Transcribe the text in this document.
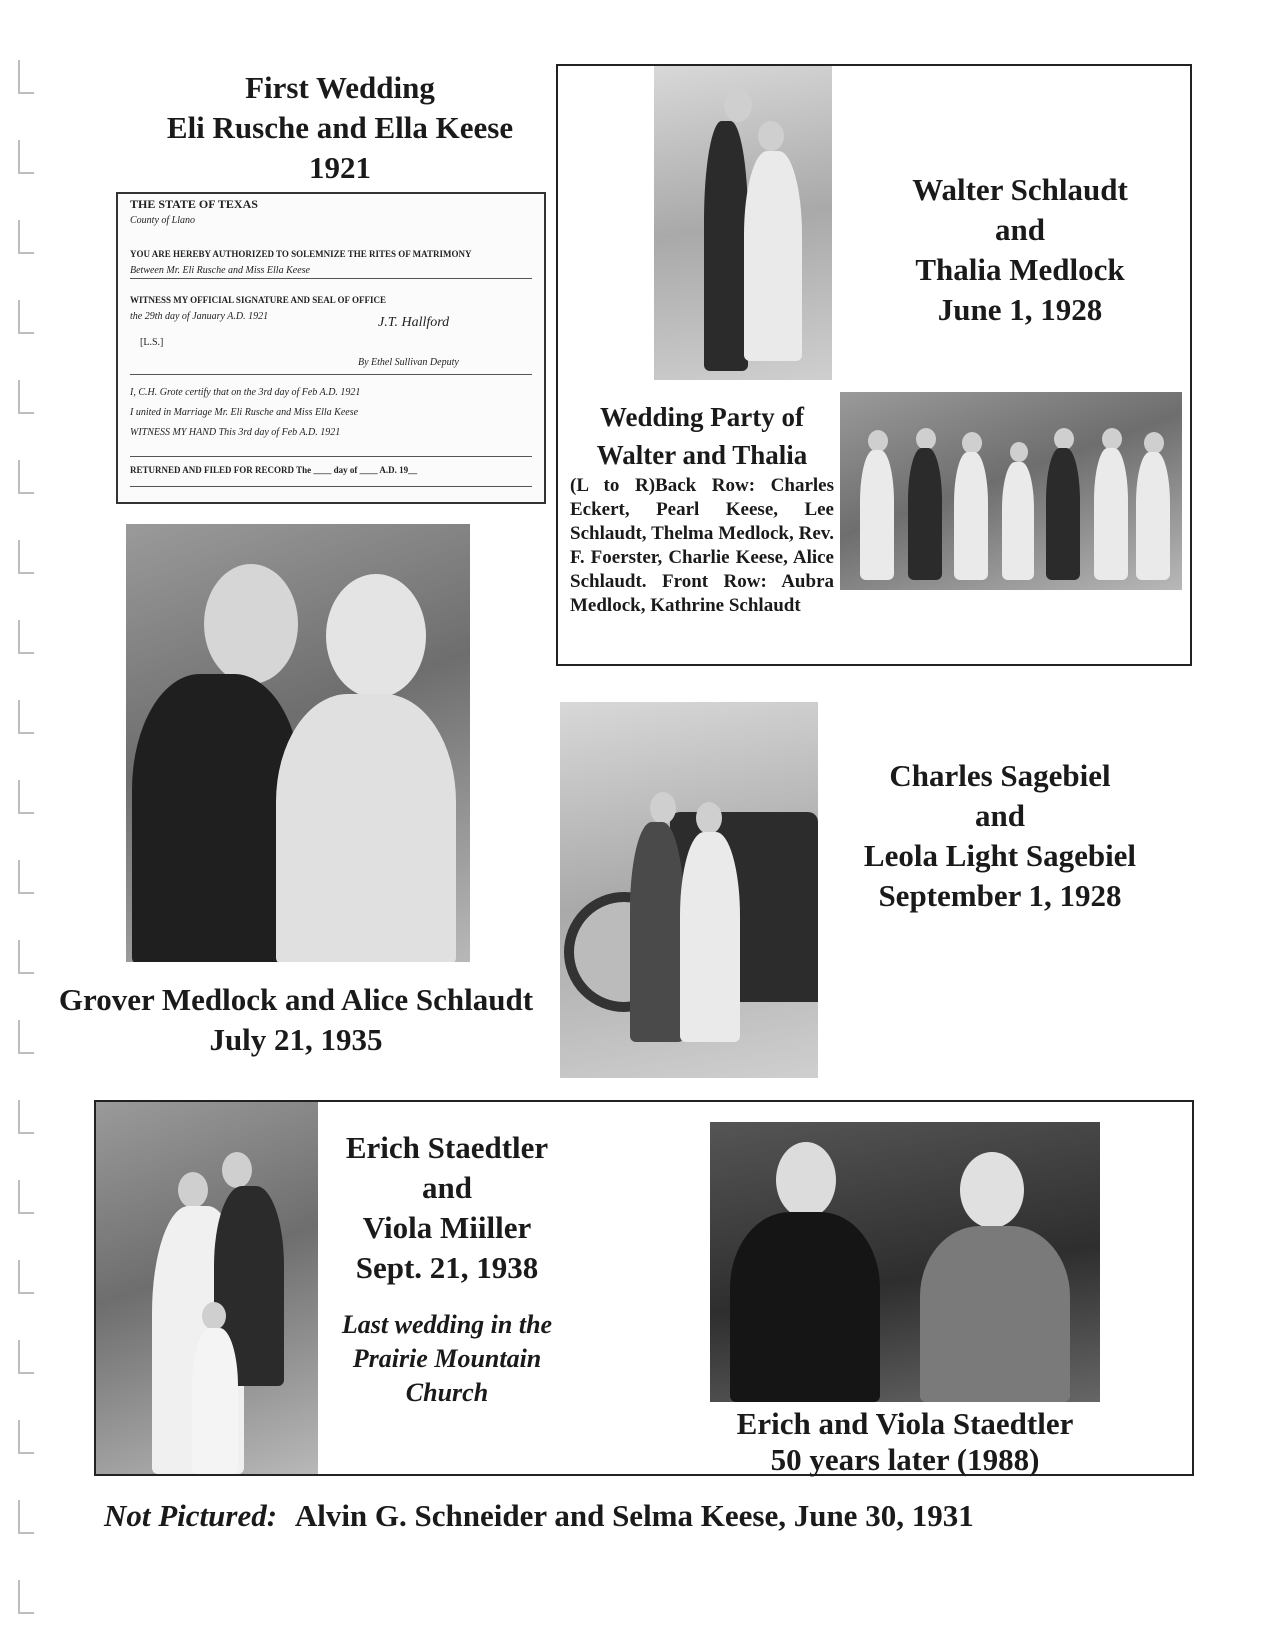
First Wedding

Eli Rusche and Ella Keese

1921

THE STATE OF TEXAS
County of Llano
YOU ARE HEREBY AUTHORIZED TO SOLEMNIZE THE RITES OF MATRIMONY
Between Mr. Eli Rusche and Miss Ella Keese
WITNESS MY OFFICIAL SIGNATURE AND SEAL OF OFFICE
the 29th day of January A.D. 1921	J.T. Hallford
[L.S.]
By Ethel Sullivan Deputy
I, C.H. Grote certify that on the 3rd day of Feb A.D. 1921
I united in Marriage Mr. Eli Rusche and Miss Ella Keese
WITNESS MY HAND This 3rd day of Feb A.D. 1921
RETURNED AND FILED FOR RECORD The ____ day of ____ A.D. 19__

Walter Schlaudt

and

Thalia Medlock

June 1, 1928

Wedding Party of

Walter and Thalia

(L to R)Back Row: Charles Eckert, Pearl Keese, Lee Schlaudt, Thelma Medlock, Rev. F. Foerster, Charlie Keese, Alice Schlaudt. Front Row: Aubra Medlock, Kathrine Schlaudt

Grover Medlock and Alice Schlaudt

July 21, 1935

Charles Sagebiel

and

Leola Light Sagebiel

September 1, 1928

Erich Staedtler

and

Viola Miiller

Sept. 21, 1938

Last wedding in the
Prairie Mountain
Church

Erich and Viola Staedtler

50 years later (1988)

Not Pictured: Alvin G. Schneider and Selma Keese, June 30, 1931
